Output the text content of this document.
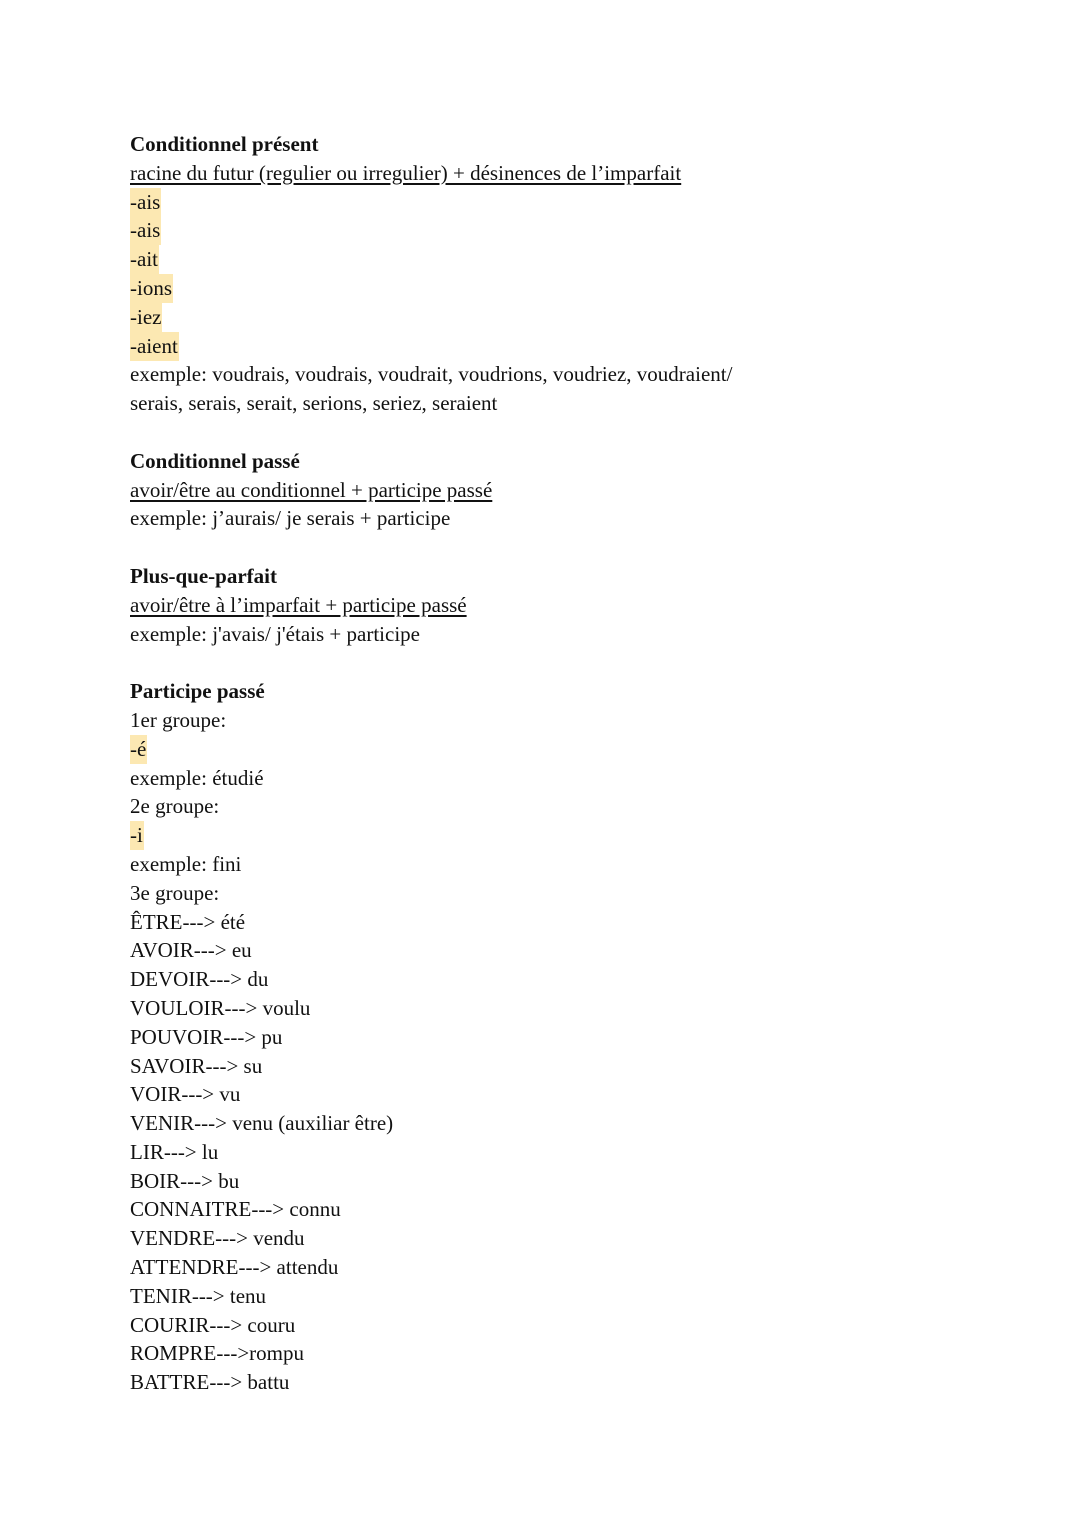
Conditionnel présent
racine du futur (regulier ou irregulier) + désinences de l’imparfait
-ais
-ais
-ait
-ions
-iez
-aient
exemple: voudrais, voudrais, voudrait, voudrions, voudriez, voudraient/
serais, serais, serait, serions, seriez, seraient
Conditionnel passé
avoir/être au conditionnel + participe passé
exemple: j’aurais/ je serais + participe
Plus-que-parfait
avoir/être à l’imparfait + participe passé
exemple: j'avais/ j'étais + participe
Participe passé
1er groupe:
-é
exemple: étudié
2e groupe:
-i
exemple: fini
3e groupe:
ÊTRE---> été
AVOIR---> eu
DEVOIR---> du
VOULOIR---> voulu
POUVOIR---> pu
SAVOIR---> su
VOIR---> vu
VENIR---> venu (auxiliar être)
LIR---> lu
BOIR---> bu
CONNAITRE---> connu
VENDRE---> vendu
ATTENDRE---> attendu
TENIR---> tenu
COURIR---> couru
ROMPRE--->rompu
BATTRE---> battu
